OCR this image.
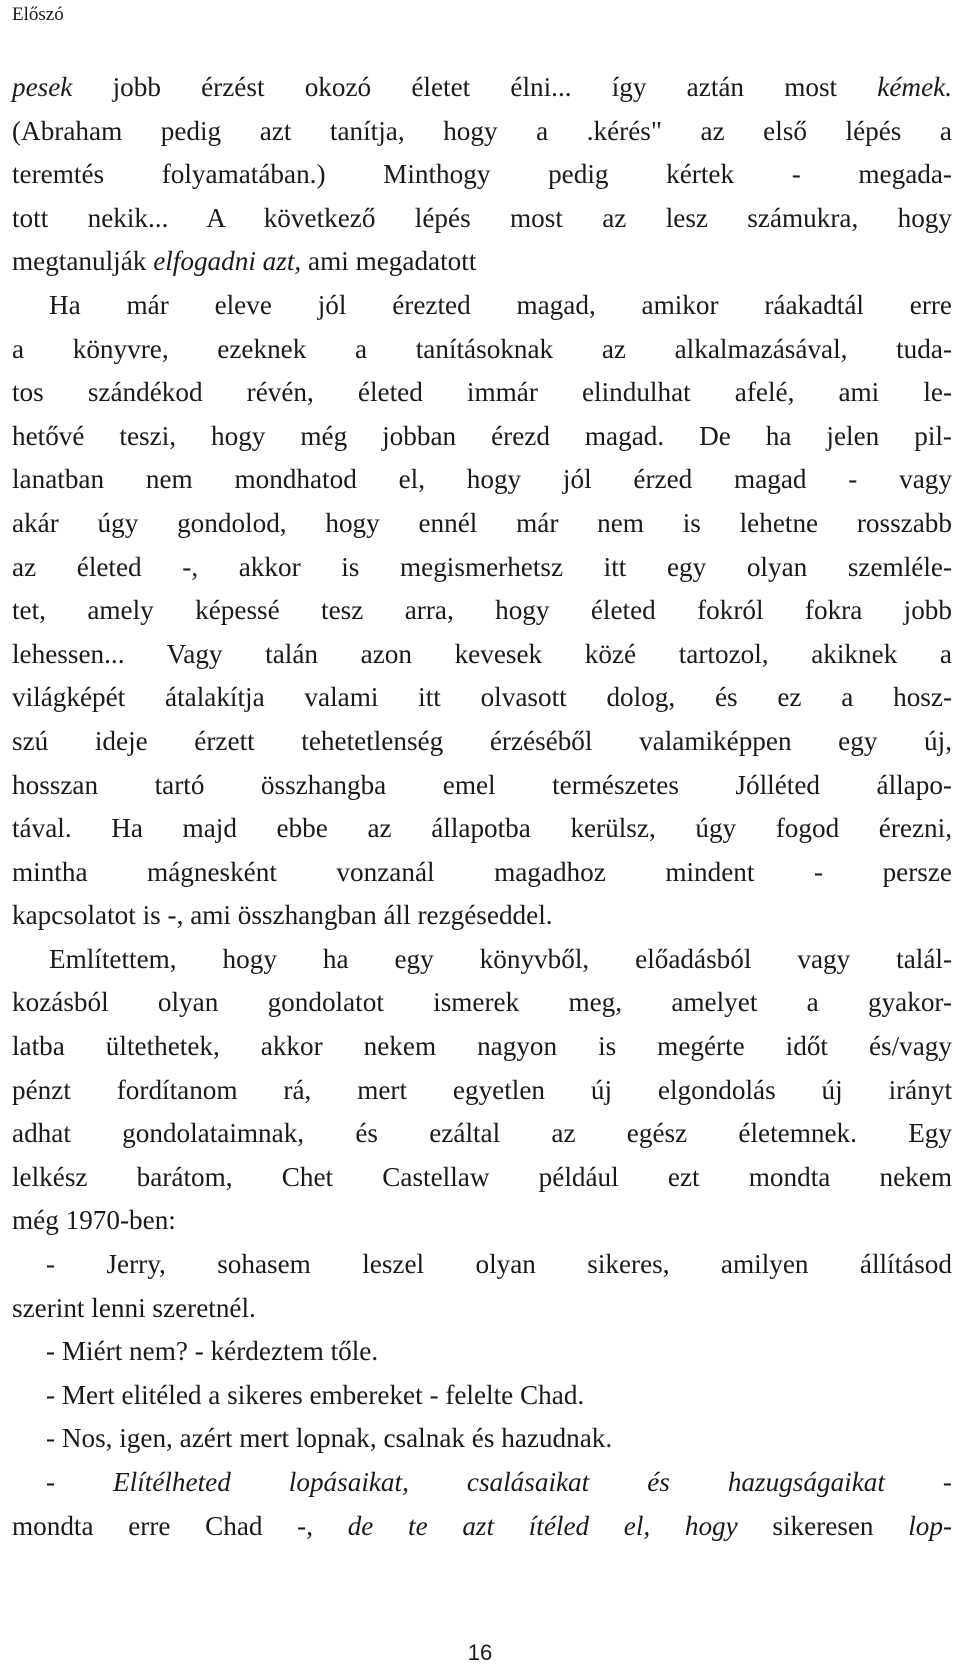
Előszó

pesek jobb érzést okozó életet élni... így aztán most kémek.

(Abraham pedig azt tanítja, hogy a .kérés" az első lépés a

teremtés folyamatában.) Minthogy pedig kértek - megada-

tott nekik... A következő lépés most az lesz számukra, hogy

megtanulják elfogadni azt, ami megadatott

Ha már eleve jól érezted magad, amikor ráakadtál erre

a könyvre, ezeknek a tanításoknak az alkalmazásával, tuda-

tos szándékod révén, életed immár elindulhat afelé, ami le-

hetővé teszi, hogy még jobban érezd magad. De ha jelen pil-

lanatban nem mondhatod el, hogy jól érzed magad - vagy

akár úgy gondolod, hogy ennél már nem is lehetne rosszabb

az életed -, akkor is megismerhetsz itt egy olyan szemlélе-

tet, amely képessé tesz arra, hogy életed fokról fokra jobb

lehessen... Vagy talán azon kevesek közé tartozol, akiknek a

világképét átalakítja valami itt olvasott dolog, és ez a hosz-

szú ideje érzett tehetetlenség érzéséből valamiképpen egy új,

hosszan tartó összhangba emel természetes Jólléted állapo-

tával. Ha majd ebbe az állapotba kerülsz, úgy fogod érezni,

mintha mágnesként vonzanál magadhoz mindent - persze

kapcsolatot is -, ami összhangban áll rezgéseddel.

Említettem, hogy ha egy könyvből, előadásból vagy talál-

kozásból olyan gondolatot ismerek meg, amelyet a gyakor-

latba ültethetek, akkor nekem nagyon is megérte időt és/vagy

pénzt fordítanom rá, mert egyetlen új elgondolás új irányt

adhat gondolataimnak, és ezáltal az egész életemnek. Egy

lelkész barátom, Chet Castellaw például ezt mondta nekem

még 1970-ben:

- Jerry, sohasem leszel olyan sikeres, amilyen állításod

szerint lenni szeretnél.

- Miért nem? - kérdeztem tőle.

- Mert elitéled a sikeres embereket - felelte Chad.

- Nos, igen, azért mert lopnak, csalnak és hazudnak.

- Elítélheted lopásaikat, csalásaikat és hazugságaikat -

mondta erre Chad -, de te azt ítéled el, hogy sikeresen lop-

16
